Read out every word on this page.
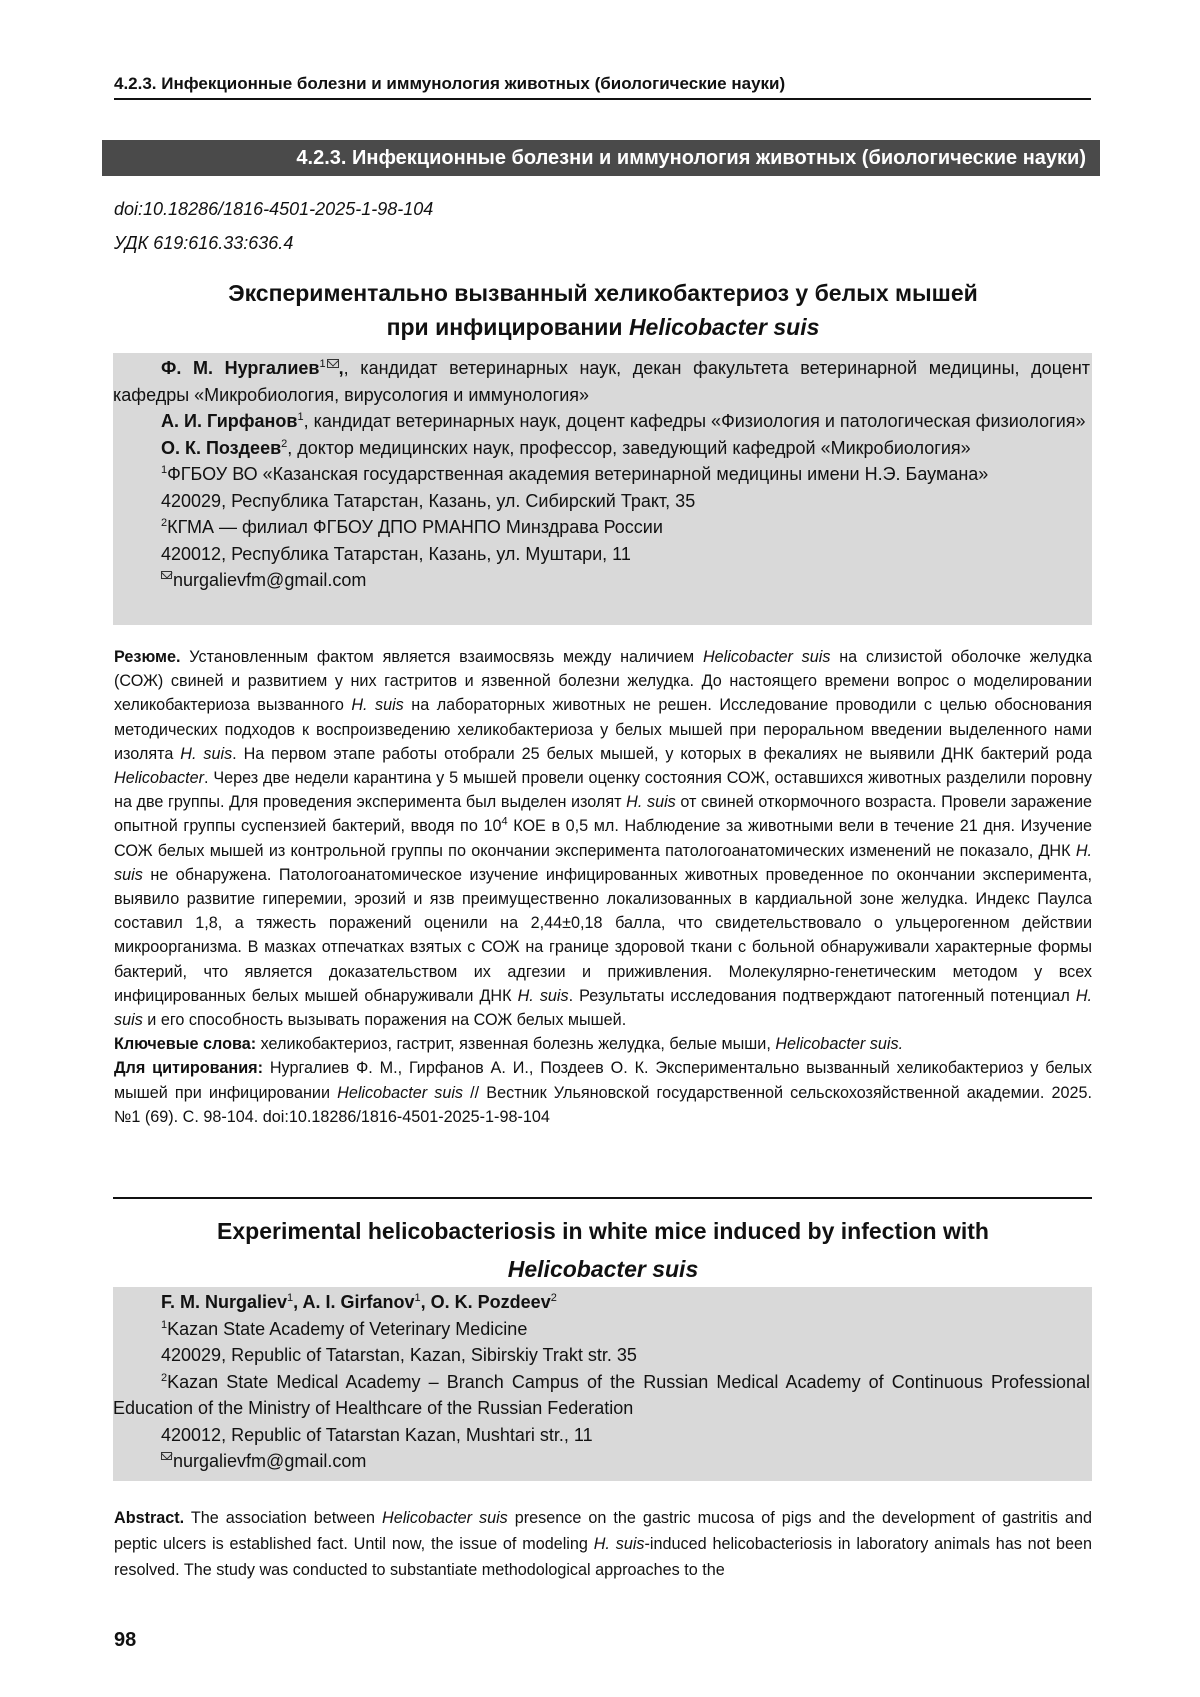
4.2.3. Инфекционные болезни и иммунология животных (биологические науки)
4.2.3. Инфекционные болезни и иммунология животных (биологические науки)
doi:10.18286/1816-4501-2025-1-98-104
УДК 619:616.33:636.4
Экспериментально вызванный хеликобактериоз у белых мышей
при инфицировании Helicobacter suis
Ф. М. Нургалиев1 ,, кандидат ветеринарных наук, декан факультета ветеринарной медицины, доцент кафедры «Микробиология, вирусология и иммунология»
А. И. Гирфанов1, кандидат ветеринарных наук, доцент кафедры «Физиология и патологическая физиология»
О. К. Поздеев2, доктор медицинских наук, профессор, заведующий кафедрой «Микробиология»
1ФГБОУ ВО «Казанская государственная академия ветеринарной медицины имени Н.Э. Баумана»
420029, Республика Татарстан, Казань, ул. Сибирский Тракт, 35
2КГМА — филиал ФГБОУ ДПО РМАНПО Минздрава России
420012, Республика Татарстан, Казань, ул. Муштари, 11
nurgalievfm@gmail.com
Резюме. Установленным фактом является взаимосвязь между наличием Helicobacter suis на слизистой оболочке желудка (СОЖ) свиней и развитием у них гастритов и язвенной болезни желудка. До настоящего времени вопрос о моделировании хеликобактериоза вызванного H. suis на лабораторных животных не решен. Исследование проводили с целью обоснования методических подходов к воспроизведению хеликобактериоза у белых мышей при пероральном введении выделенного нами изолята H. suis. На первом этапе работы отобрали 25 белых мышей, у которых в фекалиях не выявили ДНК бактерий рода Helicobacter. Через две недели карантина у 5 мышей провели оценку состояния СОЖ, оставшихся животных разделили поровну на две группы. Для проведения эксперимента был выделен изолят H. suis от свиней откормочного возраста. Провели заражение опытной группы суспензией бактерий, вводя по 104 КОЕ в 0,5 мл. Наблюдение за животными вели в течение 21 дня. Изучение СОЖ белых мышей из контрольной группы по окончании эксперимента патологоанатомических изменений не показало, ДНК H. suis не обнаружена. Патологоанатомическое изучение инфицированных животных проведенное по окончании эксперимента, выявило развитие гиперемии, эрозий и язв преимущественно локализованных в кардиальной зоне желудка. Индекс Паулса составил 1,8, а тяжесть поражений оценили на 2,44±0,18 балла, что свидетельство­вало о ульцерогенном действии микроорганизма. В мазках отпечатках взятых с СОЖ на границе здоровой ткани с больной обнаруживали характерные формы бактерий, что является доказательством их адгезии и приживле­ния. Молекулярно-генетическим методом у всех инфицированных белых мышей обнаруживали ДНК H. suis. Ре­зультаты исследования подтверждают патогенный потенциал H. suis и его способность вызывать поражения на СОЖ белых мышей.
Ключевые слова: хеликобактериоз, гастрит, язвенная болезнь желудка, белые мыши, Helicobacter suis.
Для цитирования: Нургалиев Ф. М., Гирфанов А. И., Поздеев О. К. Экспериментально вызванный хеликобактериоз у белых мышей при инфицировании Helicobacter suis // Вестник Ульяновской государственной сельскохозяйствен­ной академии. 2025. №1 (69). С. 98-104. doi:10.18286/1816-4501-2025-1-98-104
Experimental helicobacteriosis in white mice induced by infection with
Helicobacter suis
F. M. Nurgaliev1, A. I. Girfanov1, O. K. Pozdeev2
1Kazan State Academy of Veterinary Medicine
420029, Republic of Tatarstan, Kazan, Sibirskiy Trakt str. 35
2Kazan State Medical Academy – Branch Campus of the Russian Medical Academy of Continuous Pro­fessional Education of the Ministry of Healthcare of the Russian Federation
420012, Republic of Tatarstan Kazan, Mushtari str., 11
nurgalievfm@gmail.com
Abstract. The association between Helicobacter suis presence on the gastric mucosa of pigs and the development of gastritis and peptic ulcers is established fact. Until now, the issue of modeling H. suis-induced helicobacteriosis in labor­atory animals has not been resolved. The study was conducted to substantiate methodological approaches to the
98
